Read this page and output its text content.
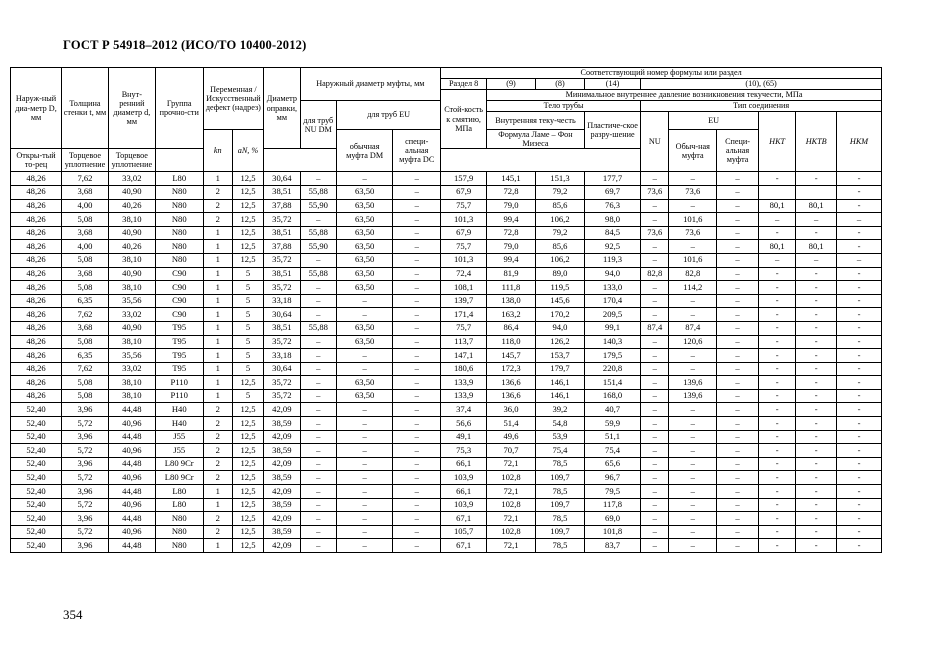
ГОСТ Р 54918–2012 (ИСО/ТО 10400-2012)
Наруж-ный диа-метр D, мм	Толщина стенки t, мм	Внут-ренний диаметр d, мм	Группа прочно-сти	Переменная /Искусственный дефект (надрез)		Диаметр оправки, мм	Наружный диаметр муфты, мм			Соответствующий номер формулы или раздел									
										Раздел 8	(9)	(8)	(14)	(10), (65)					
										Стой-кость к смятию, МПа	Минимальное внутреннее давление возникновения текучести, МПа								
							для труб NU DM	для труб EU			Тело трубы			Тип соединения					
											Внутренняя теку-честь		Пластиче-ское разру-шение	NU	EU		НКТ	НКТВ	НКМ
				kn	aN, %			обычная муфта DM	специ-альная муфта DC		Формула Ламе – Фон Мизеса				Обыч-ная муфта	Специ-альная муфта			
Откры-тый то-рец	Торцевое уплотнение	Торцевое уплотнение																	
48,26	7,62	33,02	L80	1	12,5	30,64	–	–	–	157,9	145,1	151,3	177,7	–	–	–	-	-	-
48,26	3,68	40,90	N80	2	12,5	38,51	55,88	63,50	–	67,9	72,8	79,2	69,7	73,6	73,6	–			-
48,26	4,00	40,26	N80	2	12,5	37,88	55,90	63,50	–	75,7	79,0	85,6	76,3	–	–	–	80,1	80,1	-
48,26	5,08	38,10	N80	2	12,5	35,72	–	63,50	–	101,3	99,4	106,2	98,0	–	101,6	–	–	–	–
48,26	3,68	40,90	N80	1	12,5	38,51	55,88	63,50	–	67,9	72,8	79,2	84,5	73,6	73,6	–	-	-	-
48,26	4,00	40,26	N80	1	12,5	37,88	55,90	63,50	–	75,7	79,0	85,6	92,5	–	–	–	80,1	80,1	-
48,26	5,08	38,10	N80	1	12,5	35,72	–	63,50	–	101,3	99,4	106,2	119,3	–	101,6	–	–	–	–
48,26	3,68	40,90	C90	1	5	38,51	55,88	63,50	–	72,4	81,9	89,0	94,0	82,8	82,8	–	-	-	-
48,26	5,08	38,10	C90	1	5	35,72	–	63,50	–	108,1	111,8	119,5	133,0	–	114,2	–	-	-	-
48,26	6,35	35,56	C90	1	5	33,18	–	–	–	139,7	138,0	145,6	170,4	–	–	–	-	-	-
48,26	7,62	33,02	C90	1	5	30,64	–	–	–	171,4	163,2	170,2	209,5	–	–	–	-	-	-
48,26	3,68	40,90	T95	1	5	38,51	55,88	63,50	–	75,7	86,4	94,0	99,1	87,4	87,4	–	-	-	-
48,26	5,08	38,10	T95	1	5	35,72	–	63,50	–	113,7	118,0	126,2	140,3	–	120,6	–	-	-	-
48,26	6,35	35,56	T95	1	5	33,18	–	–	–	147,1	145,7	153,7	179,5	–	–	–	-	-	-
48,26	7,62	33,02	T95	1	5	30,64	–	–	–	180,6	172,3	179,7	220,8	–	–	–	-	-	-
48,26	5,08	38,10	P110	1	12,5	35,72	–	63,50	–	133,9	136,6	146,1	151,4	–	139,6	–	-	-	-
48,26	5,08	38,10	P110	1	5	35,72	–	63,50	–	133,9	136,6	146,1	168,0	–	139,6	–	-	-	-
52,40	3,96	44,48	H40	2	12,5	42,09	–	–	–	37,4	36,0	39,2	40,7	–	–	–	-	-	-
52,40	5,72	40,96	H40	2	12,5	38,59	–	–	–	56,6	51,4	54,8	59,9	–	–	–	-	-	-
52,40	3,96	44,48	J55	2	12,5	42,09	–	–	–	49,1	49,6	53,9	51,1	–	–	–	-	-	-
52,40	5,72	40,96	J55	2	12,5	38,59	–	–	–	75,3	70,7	75,4	75,4	–	–	–	-	-	-
52,40	3,96	44,48	L80 9Cr	2	12,5	42,09	–	–	–	66,1	72,1	78,5	65,6	–	–	–	-	-	-
52,40	5,72	40,96	L80 9Cr	2	12,5	38,59	–	–	–	103,9	102,8	109,7	96,7	–	–	–	-	-	-
52,40	3,96	44,48	L80	1	12,5	42,09	–	–	–	66,1	72,1	78,5	79,5	–	–	–	-	-	-
52,40	5,72	40,96	L80	1	12,5	38,59	–	–	–	103,9	102,8	109,7	117,8	–	–	–	-	-	-
52,40	3,96	44,48	N80	2	12,5	42,09	–	–	–	67,1	72,1	78,5	69,0	–	–	–	-	-	-
52,40	5,72	40,96	N80	2	12,5	38,59	–	–	–	105,7	102,8	109,7	101,8	–	–	–	-	-	-
52,40	3,96	44,48	N80	1	12,5	42,09	–	–	–	67,1	72,1	78,5	83,7	–	–	–	-	-	-
354
